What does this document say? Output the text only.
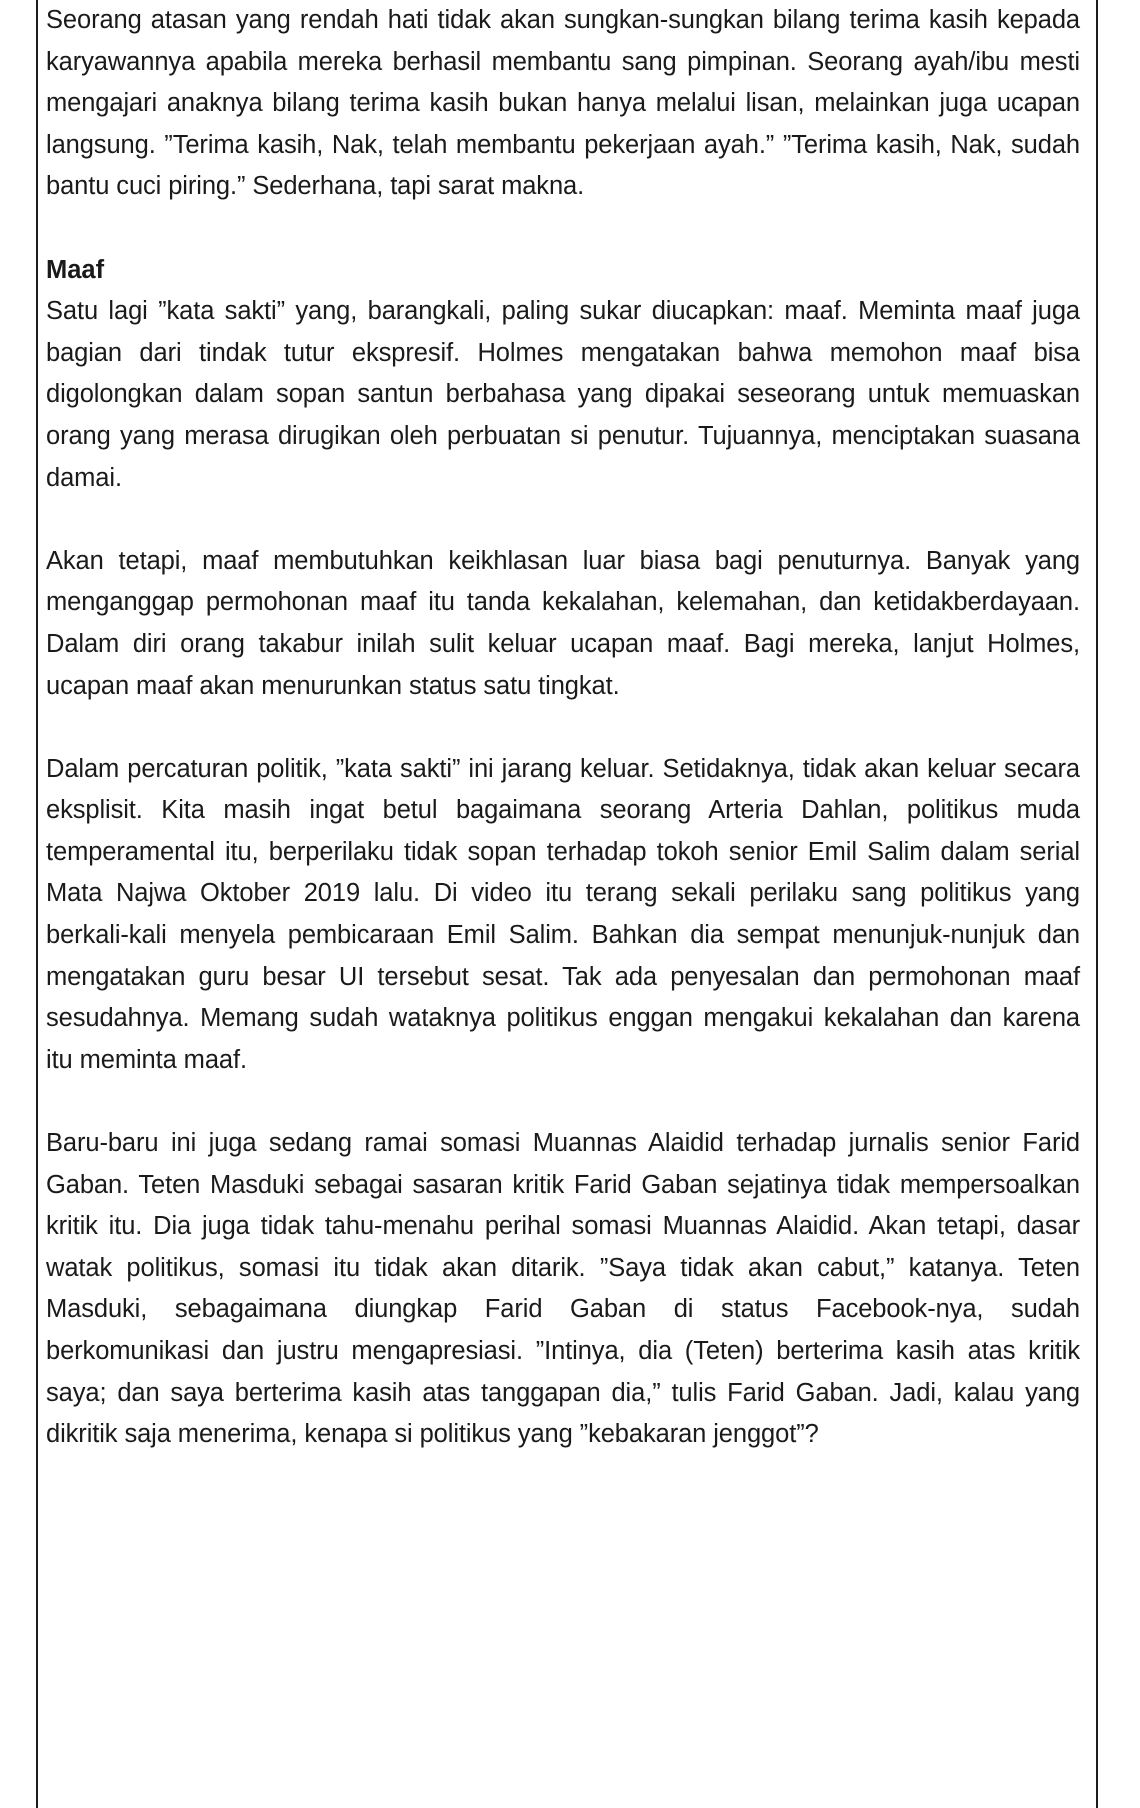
Seorang atasan yang rendah hati tidak akan sungkan-sungkan bilang terima kasih kepada karyawannya apabila mereka berhasil membantu sang pimpinan. Seorang ayah/ibu mesti mengajari anaknya bilang terima kasih bukan hanya melalui lisan, melainkan juga ucapan langsung. ”Terima kasih, Nak, telah membantu pekerjaan ayah.” ”Terima kasih, Nak, sudah bantu cuci piring.” Sederhana, tapi sarat makna.

Maaf

Satu lagi ”kata sakti” yang, barangkali, paling sukar diucapkan: maaf. Meminta maaf juga bagian dari tindak tutur ekspresif. Holmes mengatakan bahwa memohon maaf bisa digolongkan dalam sopan santun berbahasa yang dipakai seseorang untuk memuaskan orang yang merasa dirugikan oleh perbuatan si penutur. Tujuannya, menciptakan suasana damai.

Akan tetapi, maaf membutuhkan keikhlasan luar biasa bagi penuturnya. Banyak yang menganggap permohonan maaf itu tanda kekalahan, kelemahan, dan ketidakberdayaan. Dalam diri orang takabur inilah sulit keluar ucapan maaf. Bagi mereka, lanjut Holmes, ucapan maaf akan menurunkan status satu tingkat.

Dalam percaturan politik, ”kata sakti” ini jarang keluar. Setidaknya, tidak akan keluar secara eksplisit. Kita masih ingat betul bagaimana seorang Arteria Dahlan, politikus muda temperamental itu, berperilaku tidak sopan terhadap tokoh senior Emil Salim dalam serial Mata Najwa Oktober 2019 lalu. Di video itu terang sekali perilaku sang politikus yang berkali-kali menyela pembicaraan Emil Salim. Bahkan dia sempat menunjuk-nunjuk dan mengatakan guru besar UI tersebut sesat. Tak ada penyesalan dan permohonan maaf sesudahnya. Memang sudah wataknya politikus enggan mengakui kekalahan dan karena itu meminta maaf.

Baru-baru ini juga sedang ramai somasi Muannas Alaidid terhadap jurnalis senior Farid Gaban. Teten Masduki sebagai sasaran kritik Farid Gaban sejatinya tidak mempersoalkan kritik itu. Dia juga tidak tahu-menahu perihal somasi Muannas Alaidid. Akan tetapi, dasar watak politikus, somasi itu tidak akan ditarik. ”Saya tidak akan cabut,” katanya. Teten Masduki, sebagaimana diungkap Farid Gaban di status Facebook-nya, sudah berkomunikasi dan justru mengapresiasi. ”Intinya, dia (Teten) berterima kasih atas kritik saya; dan saya berterima kasih atas tanggapan dia,” tulis Farid Gaban. Jadi, kalau yang dikritik saja menerima, kenapa si politikus yang ”kebakaran jenggot”?
